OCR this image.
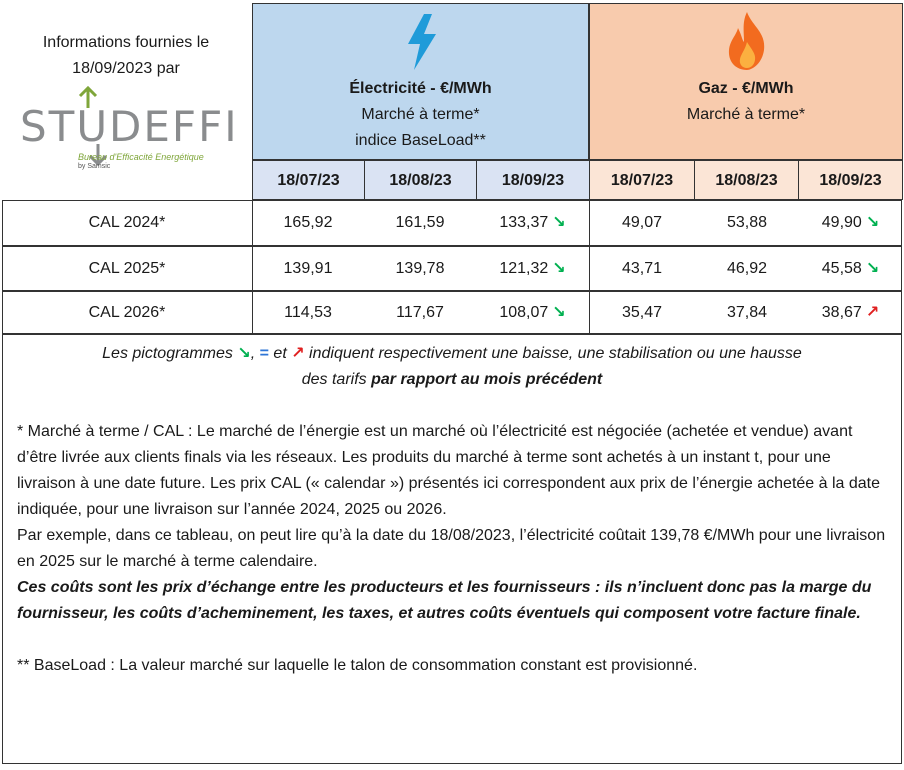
Informations fournies le
18/09/2023 par
STUDEFFI
Bureau d'Efficacité Energétique
by Samsic
Électricité - €/MWh
Marché à terme*
indice BaseLoad**
Gaz - €/MWh
Marché à terme*
18/07/23	18/08/23	18/09/23	18/07/23	18/08/23	18/09/23
CAL 2024*	165,92	161,59	133,37 ↘	49,07	53,88	49,90 ↘
CAL 2025*	139,91	139,78	121,32 ↘	43,71	46,92	45,58 ↘
CAL 2026*	114,53	117,67	108,07 ↘	35,47	37,84	38,67 ↗
Les pictogrammes ↘, = et ↗ indiquent respectivement une baisse, une stabilisation ou une hausse
des tarifs par rapport au mois précédent
* Marché à terme / CAL : Le marché de l’énergie est un marché où l’électricité est négociée (achetée et vendue) avant d’être livrée aux clients finals via les réseaux. Les produits du marché à terme sont achetés à un instant t, pour une livraison à une date future. Les prix CAL (« calendar ») présentés ici correspondent aux prix de l’énergie achetée à la date indiquée, pour une livraison sur l’année 2024, 2025 ou 2026.
Par exemple, dans ce tableau, on peut lire qu’à la date du 18/08/2023, l’électricité coûtait 139,78 €/MWh pour une livraison en 2025 sur le marché à terme calendaire.
Ces coûts sont les prix d’échange entre les producteurs et les fournisseurs : ils n’incluent donc pas la marge du fournisseur, les coûts d’acheminement, les taxes, et autres coûts éventuels qui composent votre facture finale.
** BaseLoad : La valeur marché sur laquelle le talon de consommation constant est provisionné.
